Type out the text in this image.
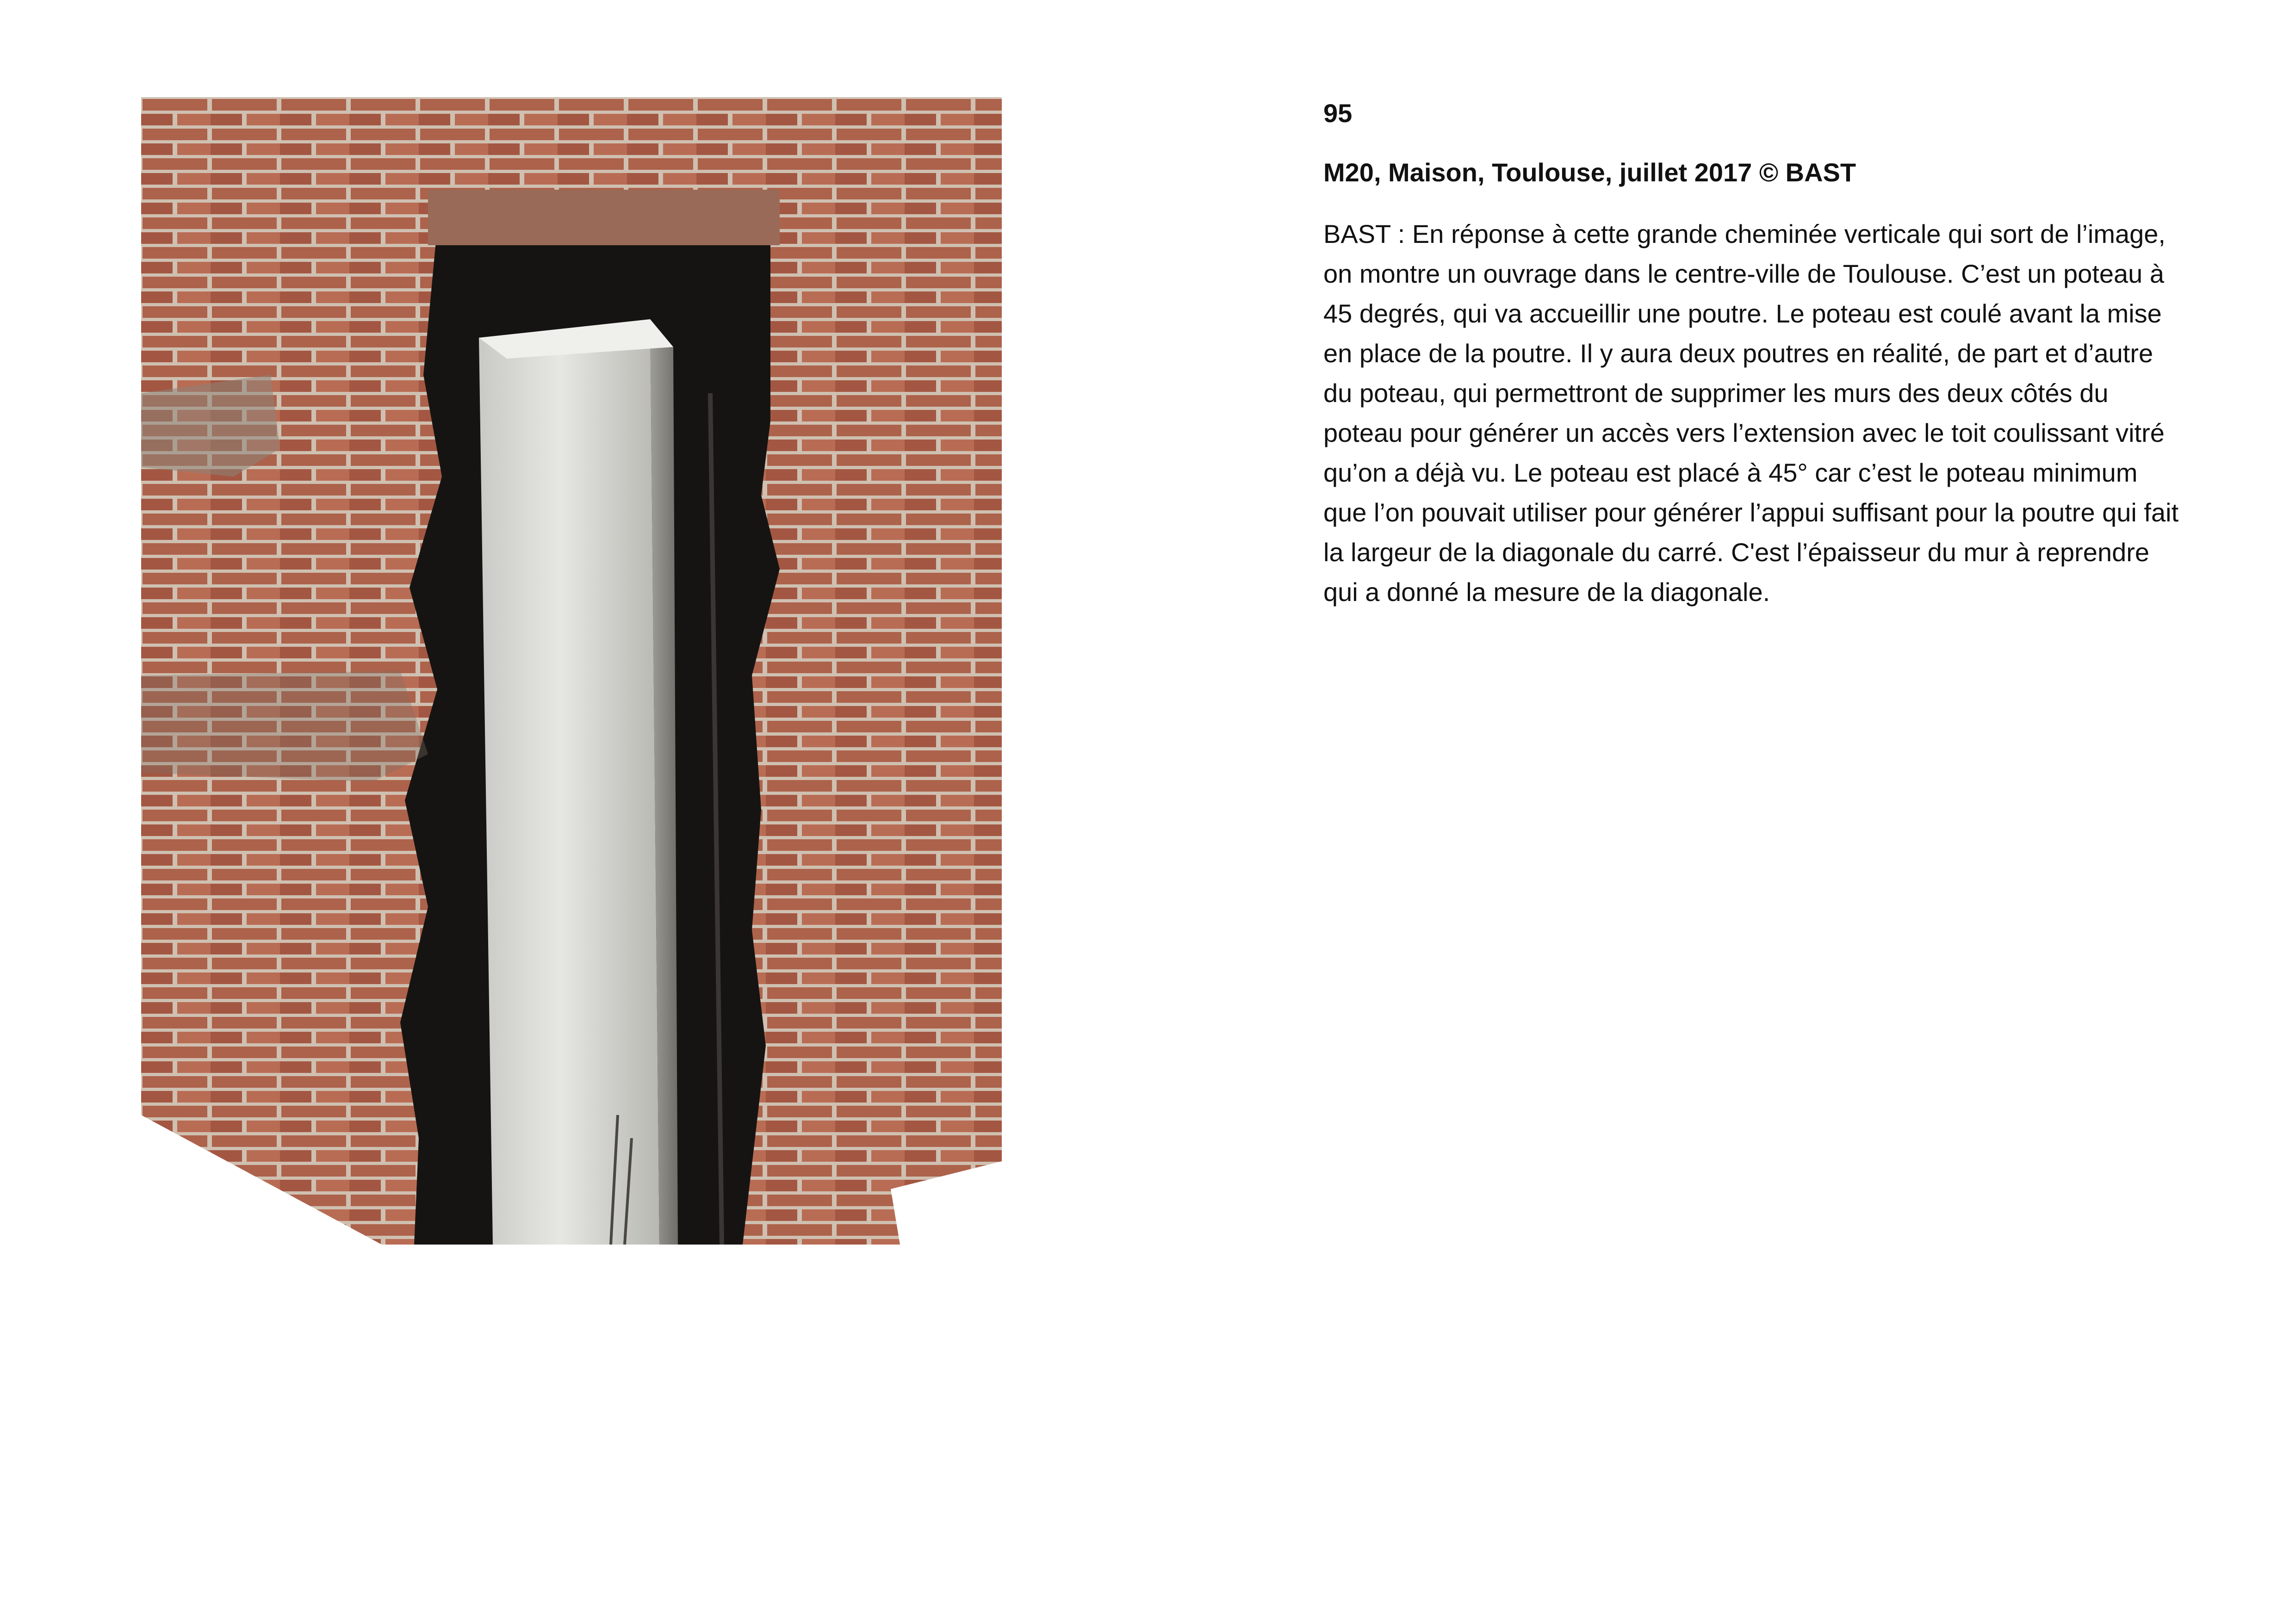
95

M20, Maison, Toulouse, juillet 2017 © BAST

BAST : En réponse à cette grande cheminée verticale qui sort de l’image, on montre un ouvrage dans le centre-ville de Toulouse. C’est un poteau à 45 degrés, qui va accueillir une poutre. Le poteau est coulé avant la mise en place de la poutre. Il y aura deux poutres en réalité, de part et d’autre du poteau, qui permettront de supprimer les murs des deux côtés du poteau pour générer un accès vers l’extension avec le toit coulissant vitré qu’on a déjà vu. Le poteau est placé à 45° car c’est le poteau minimum que l’on pouvait utiliser pour générer l’appui suffisant pour la poutre qui fait la largeur de la diagonale du carré. C'est l’épaisseur du mur à reprendre qui a donné la mesure de la diagonale.
